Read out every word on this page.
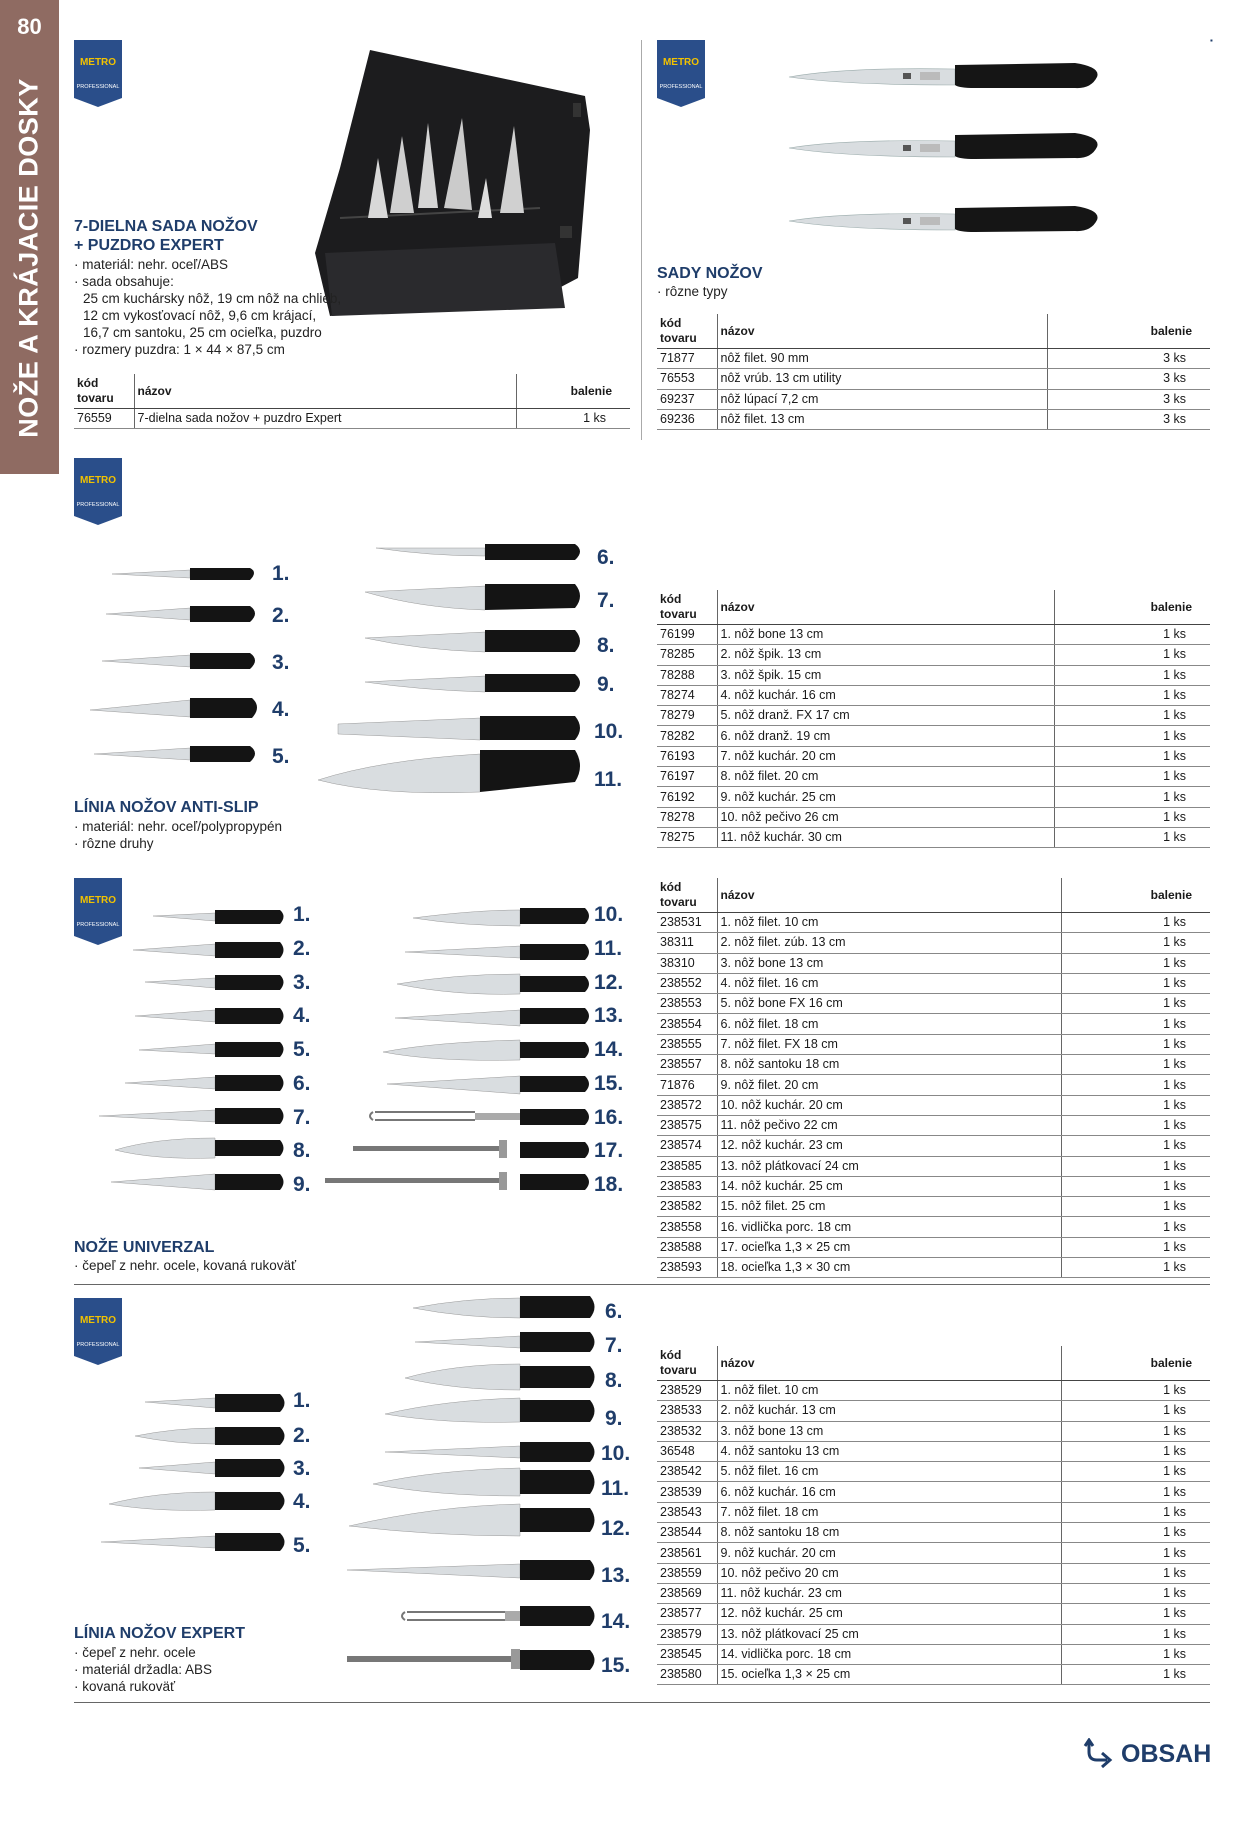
80
NOŽE A KRÁJACIE DOSKY
▪
METRO
PROFESSIONAL
METRO
PROFESSIONAL
METRO
PROFESSIONAL
METRO
PROFESSIONAL
METRO
PROFESSIONAL
7-DIELNA SADA NOŽOV
+ PUZDRO EXPERT
· materiál: nehr. oceľ/ABS
· sada obsahuje:
25 cm kuchársky nôž, 19 cm nôž na chlieb,
12 cm vykosťovací nôž, 9,6 cm krájací,
16,7 cm santoku, 25 cm ocieľka, puzdro
· rozmery puzdra: 1 × 44 × 87,5 cm
kód
tovaru	názov	balenie
76559	7-dielna sada nožov + puzdro Expert	1 ks
SADY NOŽOV
· rôzne typy
kód
tovaru	názov	balenie
71877	nôž filet. 90 mm	3 ks
76553	nôž vrúb. 13 cm utility	3 ks
69237	nôž lúpací 7,2 cm	3 ks
69236	nôž filet. 13 cm	3 ks
1.
2.
3.
4.
5.
6.
7.
8.
9.
10.
11.
LÍNIA NOŽOV ANTI-SLIP
· materiál: nehr. oceľ/polypropypén
· rôzne druhy
kód
tovaru	názov	balenie
76199	1. nôž bone 13 cm	1 ks
78285	2. nôž špik. 13 cm	1 ks
78288	3. nôž špik. 15 cm	1 ks
78274	4. nôž kuchár. 16 cm	1 ks
78279	5. nôž dranž. FX 17 cm	1 ks
78282	6. nôž dranž. 19 cm	1 ks
76193	7. nôž kuchár. 20 cm	1 ks
76197	8. nôž filet. 20 cm	1 ks
76192	9. nôž kuchár. 25 cm	1 ks
78278	10. nôž pečivo 26 cm	1 ks
78275	11. nôž kuchár. 30 cm	1 ks
1.
2.
3.
4.
5.
6.
7.
8.
9.
10.
11.
12.
13.
14.
15.
16.
17.
18.
NOŽE UNIVERZAL
· čepeľ z nehr. ocele, kovaná rukoväť
kód
tovaru	názov	balenie
238531	1. nôž filet. 10 cm	1 ks
38311	2. nôž filet. zúb. 13 cm	1 ks
38310	3. nôž bone 13 cm	1 ks
238552	4. nôž filet. 16 cm	1 ks
238553	5. nôž bone FX 16 cm	1 ks
238554	6. nôž filet. 18 cm	1 ks
238555	7. nôž filet. FX 18 cm	1 ks
238557	8. nôž santoku 18 cm	1 ks
71876	9. nôž filet. 20 cm	1 ks
238572	10. nôž kuchár. 20 cm	1 ks
238575	11. nôž pečivo 22 cm	1 ks
238574	12. nôž kuchár. 23 cm	1 ks
238585	13. nôž plátkovací 24 cm	1 ks
238583	14. nôž kuchár. 25 cm	1 ks
238582	15. nôž filet. 25 cm	1 ks
238558	16. vidlička porc. 18 cm	1 ks
238588	17. ocieľka 1,3 × 25 cm	1 ks
238593	18. ocieľka 1,3 × 30 cm	1 ks
1.
2.
3.
4.
5.
6.
7.
8.
9.
10.
11.
12.
13.
14.
15.
LÍNIA NOŽOV EXPERT
· čepeľ z nehr. ocele
· materiál držadla: ABS
· kovaná rukoväť
kód
tovaru	názov	balenie
238529	1. nôž filet. 10 cm	1 ks
238533	2. nôž kuchár. 13 cm	1 ks
238532	3. nôž bone 13 cm	1 ks
36548	4. nôž santoku 13 cm	1 ks
238542	5. nôž filet. 16 cm	1 ks
238539	6. nôž kuchár. 16 cm	1 ks
238543	7. nôž filet. 18 cm	1 ks
238544	8. nôž santoku 18 cm	1 ks
238561	9. nôž kuchár. 20 cm	1 ks
238559	10. nôž pečivo 20 cm	1 ks
238569	11. nôž kuchár. 23 cm	1 ks
238577	12. nôž kuchár. 25 cm	1 ks
238579	13. nôž plátkovací 25 cm	1 ks
238545	14. vidlička porc. 18 cm	1 ks
238580	15. ocieľka 1,3 × 25 cm	1 ks
OBSAH
